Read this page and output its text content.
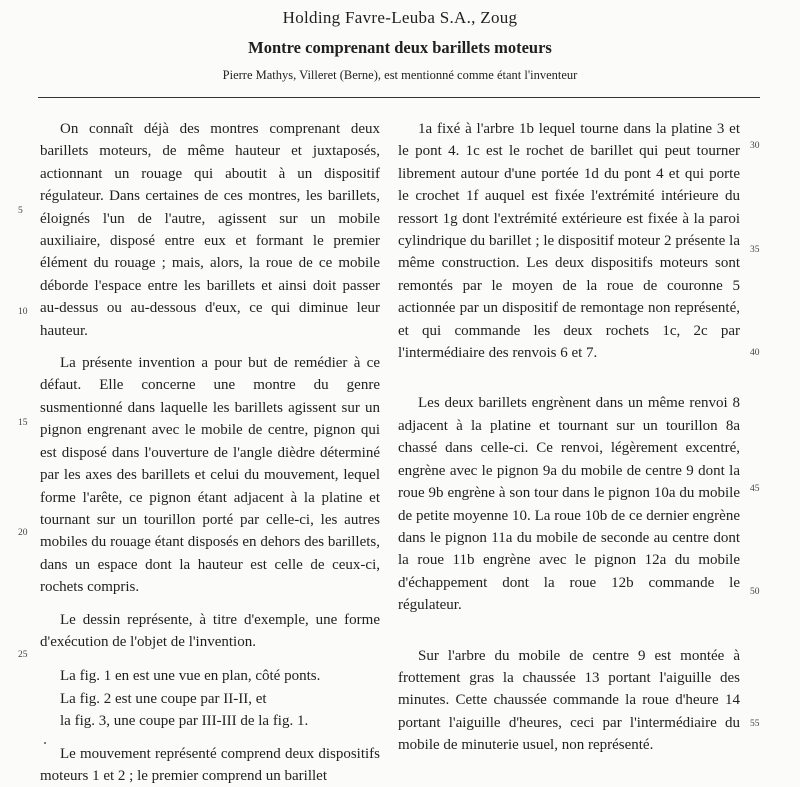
Holding Favre-Leuba S.A., Zoug
Montre comprenant deux barillets moteurs
Pierre Mathys, Villeret (Berne), est mentionné comme étant l'inventeur

On connaît déjà des montres comprenant deux barillets moteurs, de même hauteur et juxtaposés, actionnant un rouage qui aboutit à un dispositif régulateur. Dans certaines de ces montres, les barillets, éloignés l'un de l'autre, agissent sur un mobile auxiliaire, disposé entre eux et formant le premier élément du rouage ; mais, alors, la roue de ce mobile déborde l'espace entre les barillets et ainsi doit passer au-dessus ou au-dessous d'eux, ce qui diminue leur hauteur.

La présente invention a pour but de remédier à ce défaut. Elle concerne une montre du genre susmentionné dans laquelle les barillets agissent sur un pignon engrenant avec le mobile de centre, pignon qui est disposé dans l'ouverture de l'angle dièdre déterminé par les axes des barillets et celui du mouvement, lequel forme l'arête, ce pignon étant adjacent à la platine et tournant sur un tourillon porté par celle-ci, les autres mobiles du rouage étant disposés en dehors des barillets, dans un espace dont la hauteur est celle de ceux-ci, rochets compris.

Le dessin représente, à titre d'exemple, une forme d'exécution de l'objet de l'invention.

La fig. 1 en est une vue en plan, côté ponts.

La fig. 2 est une coupe par II-II, et

la fig. 3, une coupe par III-III de la fig. 1.

Le mouvement représenté comprend deux dispositifs moteurs 1 et 2 ; le premier comprend un barillet

1a fixé à l'arbre 1b lequel tourne dans la platine 3 et le pont 4. 1c est le rochet de barillet qui peut tourner librement autour d'une portée 1d du pont 4 et qui porte le crochet 1f auquel est fixée l'extrémité intérieure du ressort 1g dont l'extrémité extérieure est fixée à la paroi cylindrique du barillet ; le dispositif moteur 2 présente la même construction. Les deux dispositifs moteurs sont remontés par le moyen de la roue de couronne 5 actionnée par un dispositif de remontage non représenté, et qui commande les deux rochets 1c, 2c par l'intermédiaire des renvois 6 et 7.

Les deux barillets engrènent dans un même renvoi 8 adjacent à la platine et tournant sur un tourillon 8a chassé dans celle-ci. Ce renvoi, légèrement excentré, engrène avec le pignon 9a du mobile de centre 9 dont la roue 9b engrène à son tour dans le pignon 10a du mobile de petite moyenne 10. La roue 10b de ce dernier engrène dans le pignon 11a du mobile de seconde au centre dont la roue 11b engrène avec le pignon 12a du mobile d'échappement dont la roue 12b commande le régulateur.

Sur l'arbre du mobile de centre 9 est montée à frottement gras la chaussée 13 portant l'aiguille des minutes. Cette chaussée commande la roue d'heure 14 portant l'aiguille d'heures, ceci par l'intermédiaire du mobile de minuterie usuel, non représenté.

5
10
15
20
25
30
35
40
45
50
55
